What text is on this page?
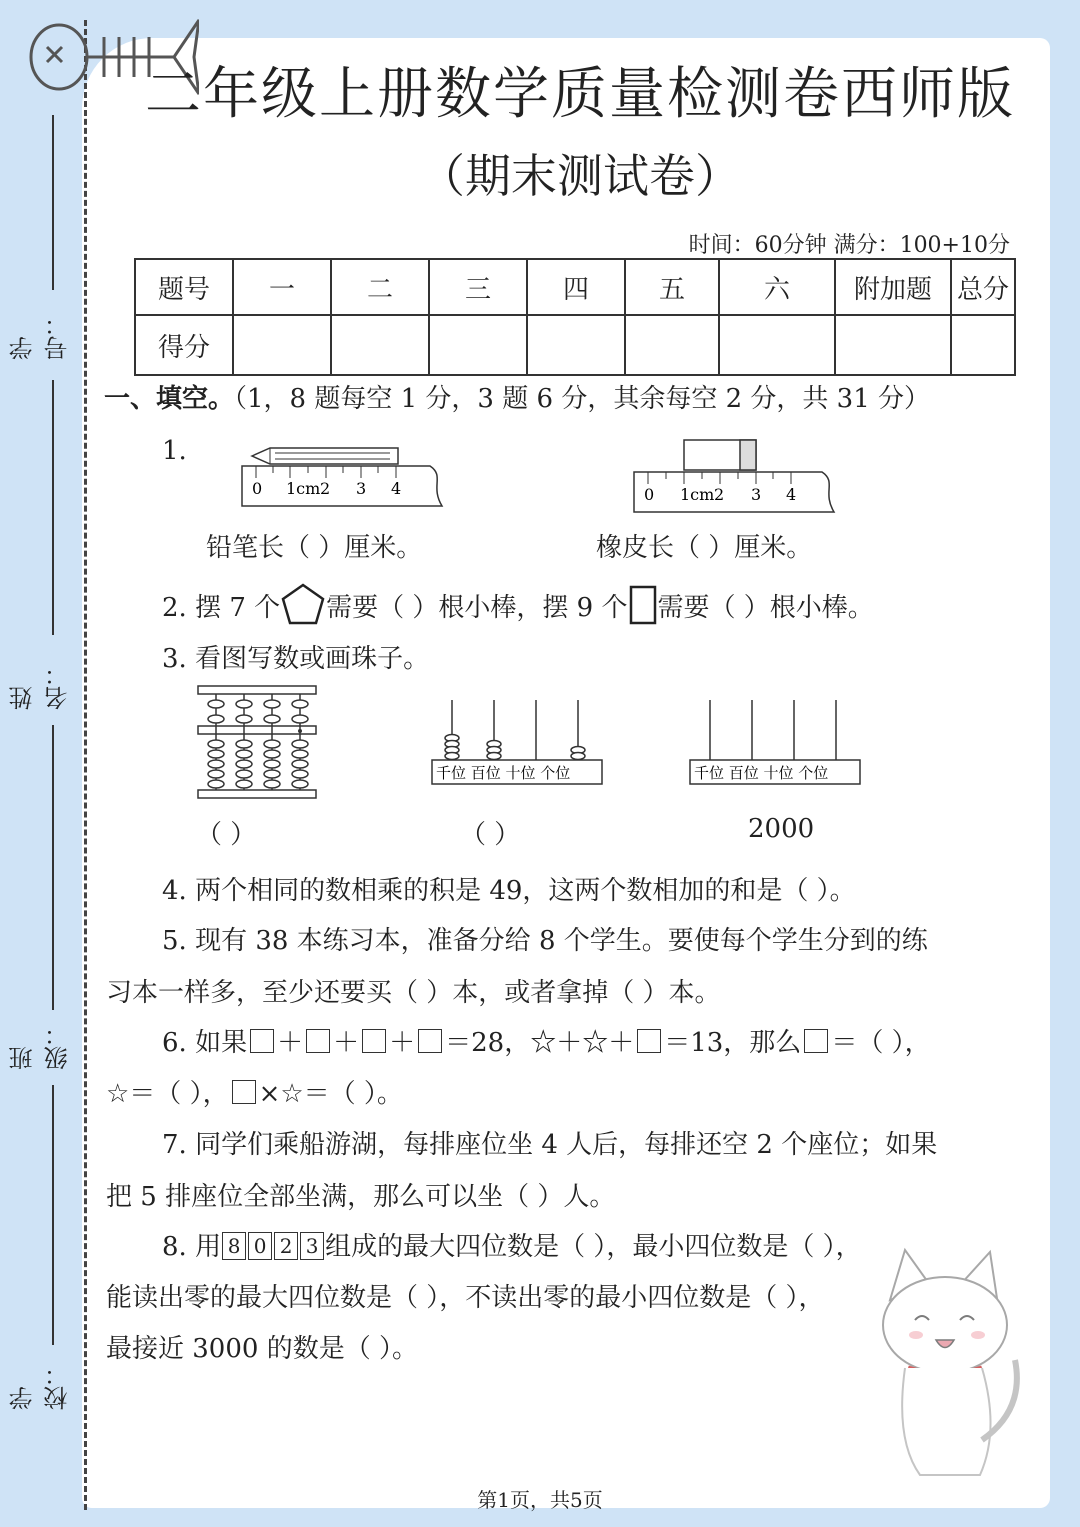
学号：
姓名：
班级：
学校：
二年级上册数学质量检测卷西师版
（期末测试卷）
时间：60分钟 满分：100+10分
题号	一	二	三	四	五	六	附加题	总分
得分								
一、填空。（1，8 题每空 1 分，3 题 6 分，其余每空 2 分，共 31 分）
1.
0 1cm 2 3 4	0 1cm 2 3 4
铅笔长（ ）厘米。	橡皮长（ ）厘米。
2. 摆 7 个 需要（ ）根小棒，摆 9 个 需要（ ）根小棒。
3. 看图写数或画珠子。
千位 百位 十位 个位	千位 百位 十位 个位
（ ）	（ ）	2000
4. 两个相同的数相乘的积是 49，这两个数相加的和是（ ）。
5. 现有 38 本练习本，准备分给 8 个学生。要使每个学生分到的练
习本一样多，至少还要买（ ）本，或者拿掉（ ）本。
6. 如果 ＋ ＋ ＋ ＝28，☆＋☆＋ ＝13，那么 ＝（ ），
☆＝（ ）， ×☆＝（ ）。
7. 同学们乘船游湖，每排座位坐 4 人后，每排还空 2 个座位；如果
把 5 排座位全部坐满，那么可以坐（ ）人。
8. 用 8 0 2 3 组成的最大四位数是（ ），最小四位数是（ ），
能读出零的最大四位数是（ ），不读出零的最小四位数是（ ），
最接近 3000 的数是（ ）。
第1页，共5页
